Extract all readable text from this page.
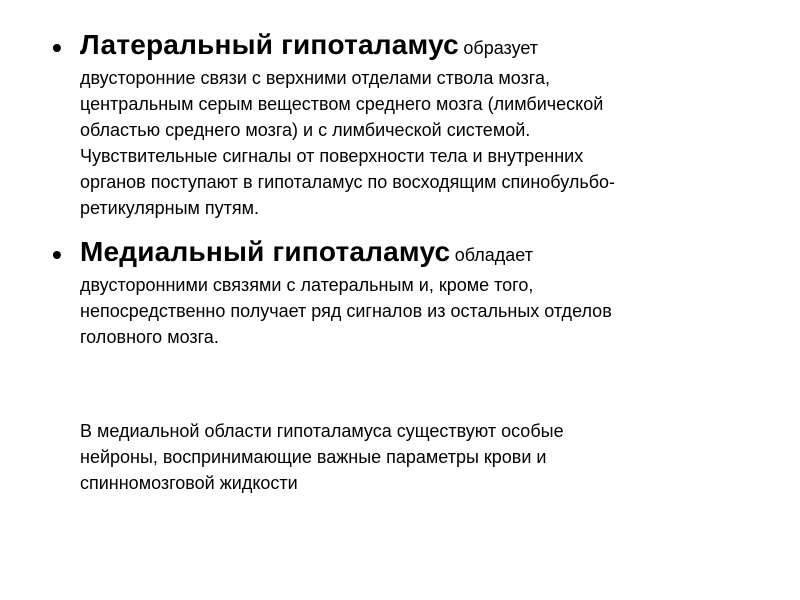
• Латеральный гипоталамус образует
двусторонние связи с верхними отделами ствола мозга,
центральным серым веществом среднего мозга (лимбической
областью среднего мозга) и с лимбической системой.
Чувствительные сигналы от поверхности тела и внутренних
органов поступают в гипоталамус по восходящим спинобульбо-
ретикулярным путям.
• Медиальный гипоталамус обладает
двусторонними связями с латеральным и, кроме того,
непосредственно получает ряд сигналов из остальных отделов
головного мозга.

В медиальной области гипоталамуса существуют особые
нейроны, воспринимающие важные параметры крови и
спинномозговой жидкости
